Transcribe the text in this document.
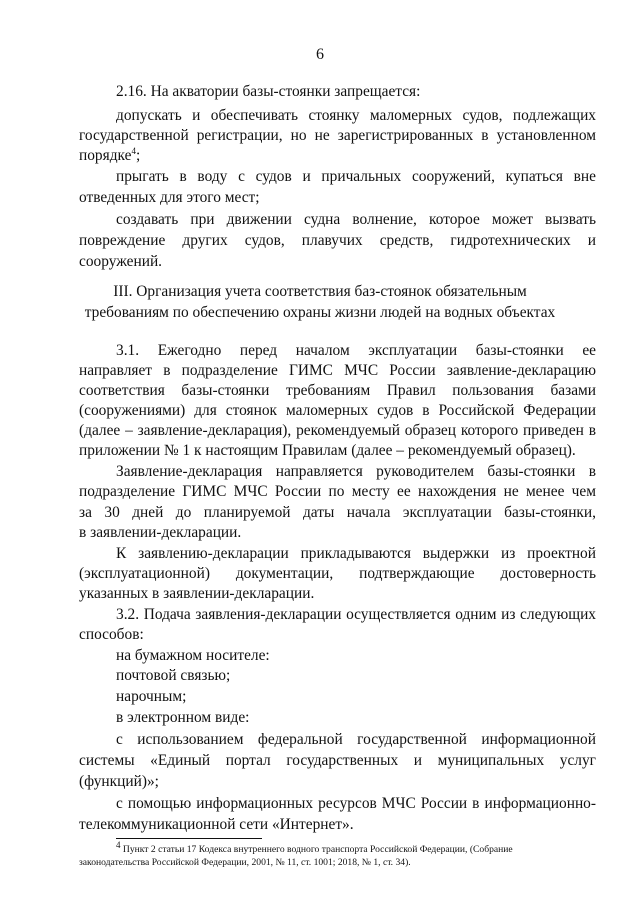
6
2.16. На акватории базы-стоянки запрещается:
допускать и обеспечивать стоянку маломерных судов, подлежащих
государственной регистрации, но не зарегистрированных в установленном
порядке$^4$;
прыгать в воду с судов и причальных сооружений, купаться вне
отведенных для этого мест;
создавать при движении судна волнение, которое может вызвать
повреждение других судов, плавучих средств, гидротехнических и
сооружений.
III. Организация учета соответствия баз-стоянок обязательным
требованиям по обеспечению охраны жизни людей на водных объектах
3.1. Ежегодно перед началом эксплуатации базы-стоянки ее
направляет в подразделение ГИМС МЧС России заявление-декларацию
соответствия базы-стоянки требованиям Правил пользования базами
(сооружениями) для стоянок маломерных судов в Российской Федерации
(далее – заявление-декларация), рекомендуемый образец которого приведен в
приложении № 1 к настоящим Правилам (далее – рекомендуемый образец).
Заявление-декларация направляется руководителем базы-стоянки в
подразделение ГИМС МЧС России по месту ее нахождения не менее чем
за 30 дней до планируемой даты начала эксплуатации базы-стоянки,
в заявлении-декларации.
К заявлению-декларации прикладываются выдержки из проектной
(эксплуатационной) документации, подтверждающие достоверность
указанных в заявлении-декларации.
3.2. Подача заявления-декларации осуществляется одним из следующих
способов:
на бумажном носителе:
почтовой связью;
нарочным;
в электронном виде:
с использованием федеральной государственной информационной
системы «Единый портал государственных и муниципальных услуг
(функций)»;
с помощью информационных ресурсов МЧС России в информационно-
телекоммуникационной сети «Интернет».
$^4$ Пункт 2 статьи 17 Кодекса внутреннего водного транспорта Российской Федерации, (Собрание
законодательства Российской Федерации, 2001, № 11, ст. 1001; 2018, № 1, ст. 34).
